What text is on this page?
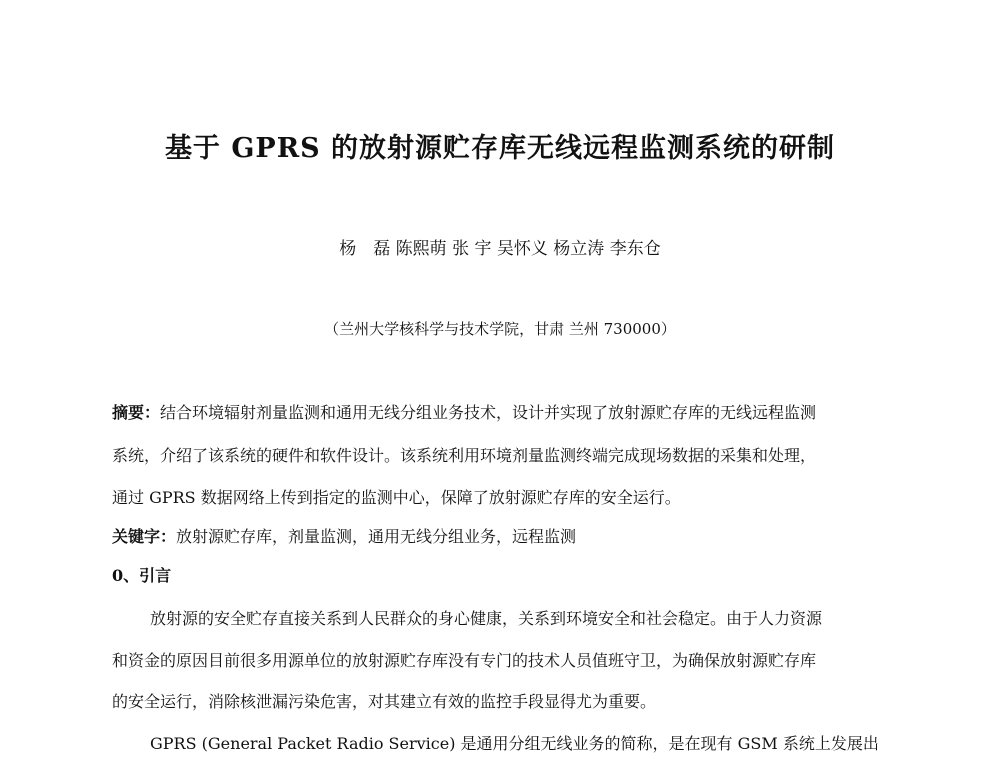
基于 GPRS 的放射源贮存库无线远程监测系统的研制
杨　磊 陈熙萌 张 宇 吴怀义 杨立涛 李东仓
（兰州大学核科学与技术学院，甘肃 兰州 730000）
摘要：结合环境辐射剂量监测和通用无线分组业务技术，设计并实现了放射源贮存库的无线远程监测
系统，介绍了该系统的硬件和软件设计。该系统利用环境剂量监测终端完成现场数据的采集和处理，
通过 GPRS 数据网络上传到指定的监测中心，保障了放射源贮存库的安全运行。
关键字：放射源贮存库，剂量监测，通用无线分组业务，远程监测
0、引言
放射源的安全贮存直接关系到人民群众的身心健康，关系到环境安全和社会稳定。由于人力资源
和资金的原因目前很多用源单位的放射源贮存库没有专门的技术人员值班守卫，为确保放射源贮存库
的安全运行，消除核泄漏污染危害，对其建立有效的监控手段显得尤为重要。
GPRS (General Packet Radio Service) 是通用分组无线业务的简称，是在现有 GSM 系统上发展出
